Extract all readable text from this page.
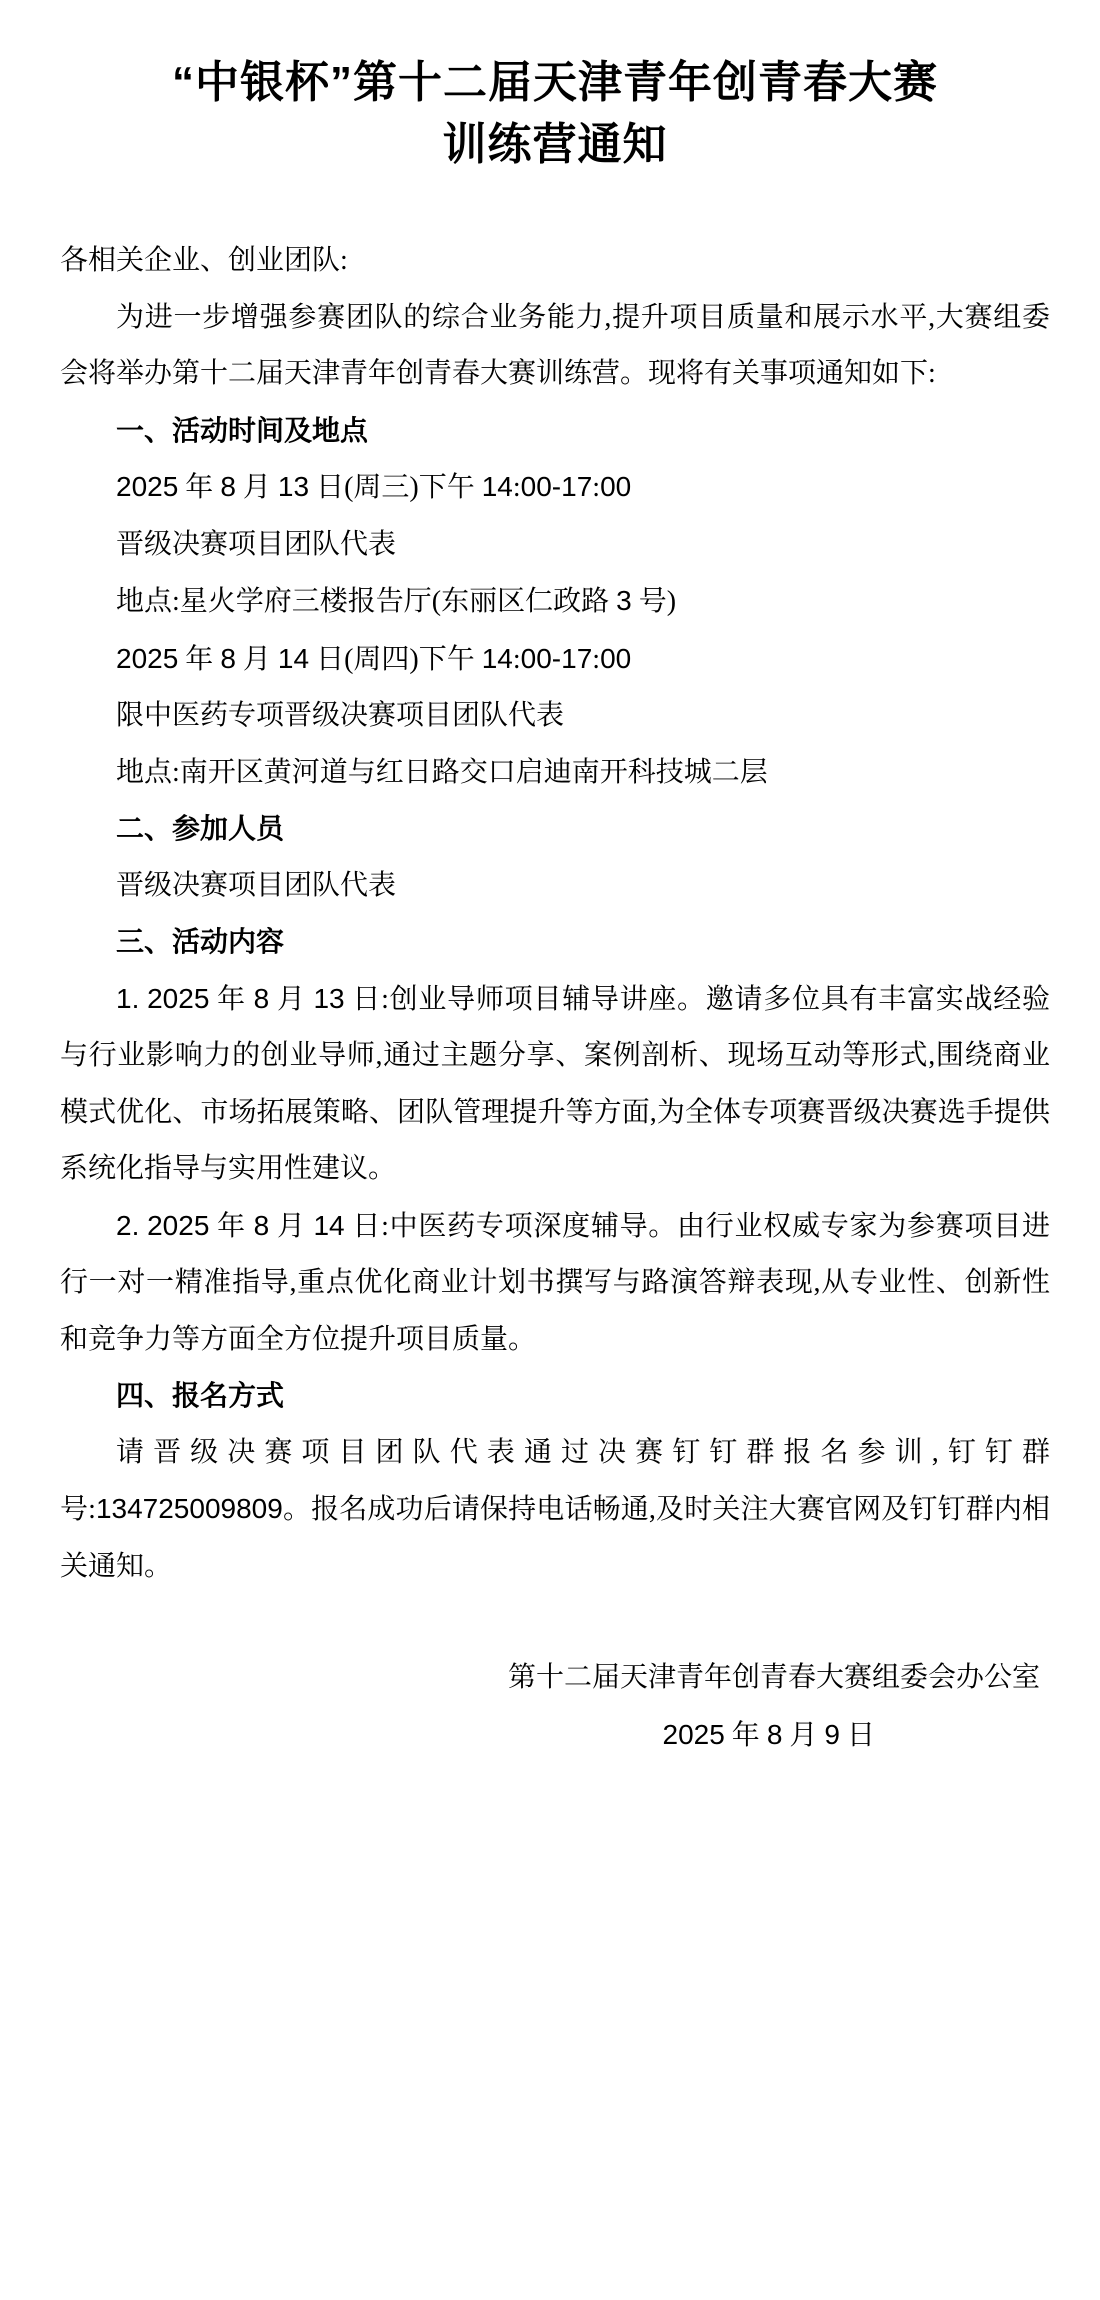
“中银杯”第十二届天津青年创青春大赛
训练营通知

各相关企业、创业团队:

为进一步增强参赛团队的综合业务能力,提升项目质量和展示水平,大赛组委会将举办第十二届天津青年创青春大赛训练营。现将有关事项通知如下:

一、活动时间及地点

2025 年 8 月 13 日(周三)下午 14:00-17:00

晋级决赛项目团队代表

地点:星火学府三楼报告厅(东丽区仁政路 3 号)

2025 年 8 月 14 日(周四)下午 14:00-17:00

限中医药专项晋级决赛项目团队代表

地点:南开区黄河道与红日路交口启迪南开科技城二层

二、参加人员

晋级决赛项目团队代表

三、活动内容

1. 2025 年 8 月 13 日:创业导师项目辅导讲座。邀请多位具有丰富实战经验与行业影响力的创业导师,通过主题分享、案例剖析、现场互动等形式,围绕商业模式优化、市场拓展策略、团队管理提升等方面,为全体专项赛晋级决赛选手提供系统化指导与实用性建议。

2. 2025 年 8 月 14 日:中医药专项深度辅导。由行业权威专家为参赛项目进行一对一精准指导,重点优化商业计划书撰写与路演答辩表现,从专业性、创新性和竞争力等方面全方位提升项目质量。

四、报名方式

请晋级决赛项目团队代表通过决赛钉钉群报名参训,钉钉群号:134725009809。报名成功后请保持电话畅通,及时关注大赛官网及钉钉群内相关通知。

第十二届天津青年创青春大赛组委会办公室

2025 年 8 月 9 日
